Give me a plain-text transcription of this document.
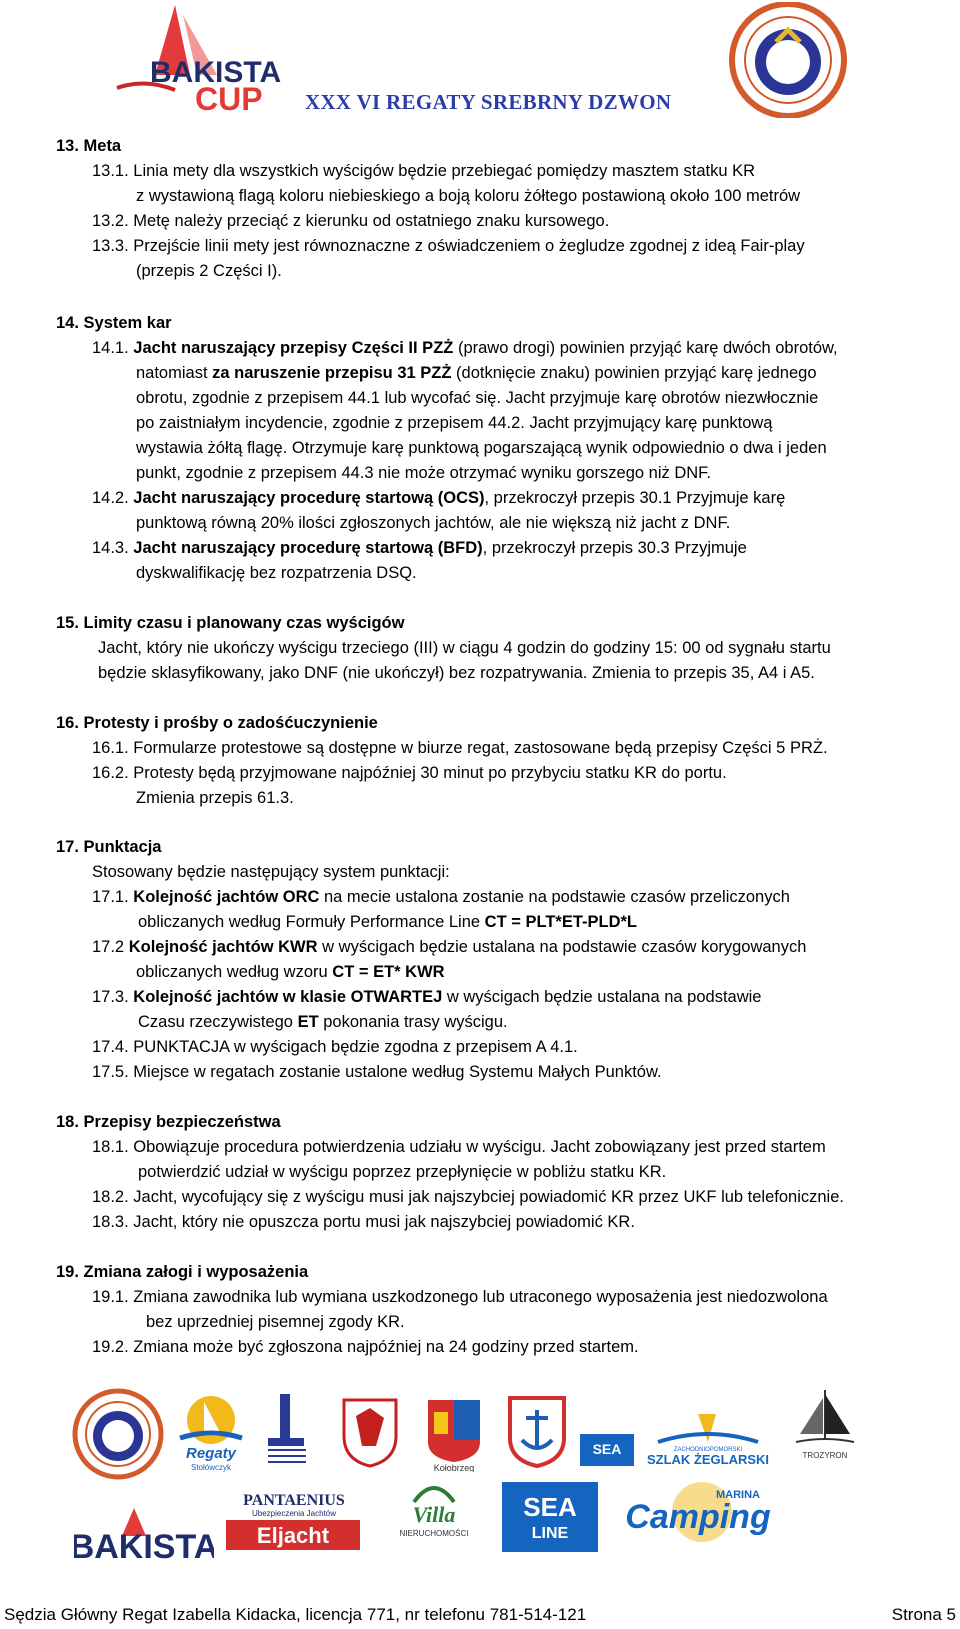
BAKISTA
CUP XXX VI REGATY SREBRNY DZWON
13. Meta
13.1. Linia mety dla wszystkich wyścigów będzie przebiegać pomiędzy masztem statku KR
z wystawioną flagą koloru niebieskiego a boją koloru żółtego postawioną około 100 metrów
13.2. Metę należy przeciąć z kierunku od ostatniego znaku kursowego.
13.3. Przejście linii mety jest równoznaczne z oświadczeniem o żegludze zgodnej z ideą Fair-play
(przepis 2 Części I).
14. System kar
14.1. Jacht naruszający przepisy Części II PZŻ (prawo drogi) powinien przyjąć karę dwóch obrotów,
natomiast za naruszenie przepisu 31 PZŻ (dotknięcie znaku) powinien przyjąć karę jednego
obrotu, zgodnie z przepisem 44.1 lub wycofać się. Jacht przyjmuje karę obrotów niezwłocznie
po zaistniałym incydencie, zgodnie z przepisem 44.2. Jacht przyjmujący karę punktową
wystawia żółtą flagę. Otrzymuje karę punktową pogarszającą wynik odpowiednio o dwa i jeden
punkt, zgodnie z przepisem 44.3 nie może otrzymać wyniku gorszego niż DNF.
14.2. Jacht naruszający procedurę startową (OCS), przekroczył przepis 30.1 Przyjmuje karę
punktową równą 20% ilości zgłoszonych jachtów, ale nie większą niż jacht z DNF.
14.3. Jacht naruszający procedurę startową (BFD), przekroczył przepis 30.3 Przyjmuje
dyskwalifikację bez rozpatrzenia DSQ.
15. Limity czasu i planowany czas wyścigów
Jacht, który nie ukończy wyścigu trzeciego (III) w ciągu 4 godzin do godziny 15: 00 od sygnału startu
będzie sklasyfikowany, jako DNF (nie ukończył) bez rozpatrywania. Zmienia to przepis 35, A4 i A5.
16. Protesty i prośby o zadośćuczynienie
16.1. Formularze protestowe są dostępne w biurze regat, zastosowane będą przepisy Części 5 PRŻ.
16.2. Protesty będą przyjmowane najpóźniej 30 minut po przybyciu statku KR do portu.
Zmienia przepis 61.3.
17. Punktacja
Stosowany będzie następujący system punktacji:
17.1. Kolejność jachtów ORC na mecie ustalona zostanie na podstawie czasów przeliczonych
obliczanych według Formuły Performance Line CT = PLT*ET-PLD*L
17.2 Kolejność jachtów KWR w wyścigach będzie ustalana na podstawie czasów korygowanych
obliczanych według wzoru CT = ET* KWR
17.3. Kolejność jachtów w klasie OTWARTEJ w wyścigach będzie ustalana na podstawie
Czasu rzeczywistego ET pokonania trasy wyścigu.
17.4. PUNKTACJA w wyścigach będzie zgodna z przepisem A 4.1.
17.5. Miejsce w regatach zostanie ustalone według Systemu Małych Punktów.
18. Przepisy bezpieczeństwa
18.1. Obowiązuje procedura potwierdzenia udziału w wyścigu. Jacht zobowiązany jest przed startem
potwierdzić udział w wyścigu poprzez przepłynięcie w pobliżu statku KR.
18.2. Jacht, wycofujący się z wyścigu musi jak najszybciej powiadomić KR przez UKF lub telefonicznie.
18.3. Jacht, który nie opuszcza portu musi jak najszybciej powiadomić KR.
19. Zmiana załogi i wyposażenia
19.1. Zmiana zawodnika lub wymiana uszkodzonego lub utraconego wyposażenia jest niedozwolona
bez uprzedniej pisemnej zgody KR.
19.2. Zmiana może być zgłoszona najpóźniej na 24 godziny przed startem.
Regaty
Stołówczyk	Kołobrzeg
SEA	ZACHODNIOPOMORSKI
SZLAK ŻEGLARSKI	TROZYRON
BAKISTA
PANTAENIUS
Ubezpieczenia Jachtów
Eljacht
Villa
NIERUCHOMOŚCI
SEA
LINE
MARINA
Camping
Sędzia Główny Regat Izabella Kidacka, licencja 771, nr telefonu 781-514-121	Strona 5
